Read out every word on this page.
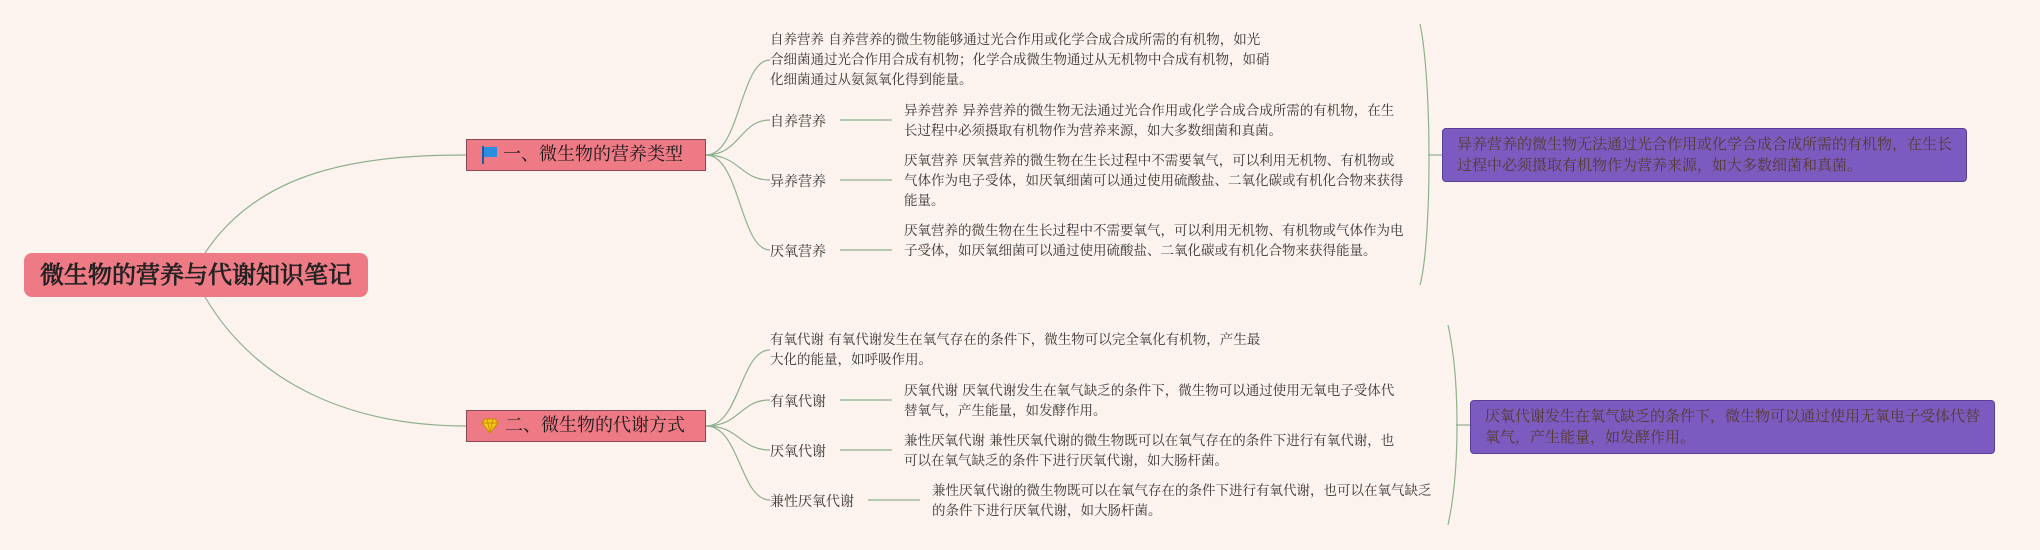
微生物的营养与代谢知识笔记
一、微生物的营养类型
自养营养 自养营养的微生物能够通过光合作用或化学合成合成所需的有机物，如光合细菌通过光合作用合成有机物；化学合成微生物通过从无机物中合成有机物，如硝化细菌通过从氨氮氧化得到能量。
自养营养
异养营养 异养营养的微生物无法通过光合作用或化学合成合成所需的有机物，在生长过程中必须摄取有机物作为营养来源，如大多数细菌和真菌。
异养营养
厌氧营养 厌氧营养的微生物在生长过程中不需要氧气，可以利用无机物、有机物或气体作为电子受体，如厌氧细菌可以通过使用硫酸盐、二氧化碳或有机化合物来获得能量。
厌氧营养
厌氧营养的微生物在生长过程中不需要氧气，可以利用无机物、有机物或气体作为电子受体，如厌氧细菌可以通过使用硫酸盐、二氧化碳或有机化合物来获得能量。
异养营养的微生物无法通过光合作用或化学合成合成所需的有机物，在生长过程中必须摄取有机物作为营养来源，如大多数细菌和真菌。
二、微生物的代谢方式
有氧代谢 有氧代谢发生在氧气存在的条件下，微生物可以完全氧化有机物，产生最大化的能量，如呼吸作用。
有氧代谢
厌氧代谢 厌氧代谢发生在氧气缺乏的条件下，微生物可以通过使用无氧电子受体代替氧气，产生能量，如发酵作用。
厌氧代谢
兼性厌氧代谢 兼性厌氧代谢的微生物既可以在氧气存在的条件下进行有氧代谢，也可以在氧气缺乏的条件下进行厌氧代谢，如大肠杆菌。
兼性厌氧代谢
兼性厌氧代谢的微生物既可以在氧气存在的条件下进行有氧代谢，也可以在氧气缺乏的条件下进行厌氧代谢，如大肠杆菌。
厌氧代谢发生在氧气缺乏的条件下，微生物可以通过使用无氧电子受体代替氧气，产生能量，如发酵作用。
